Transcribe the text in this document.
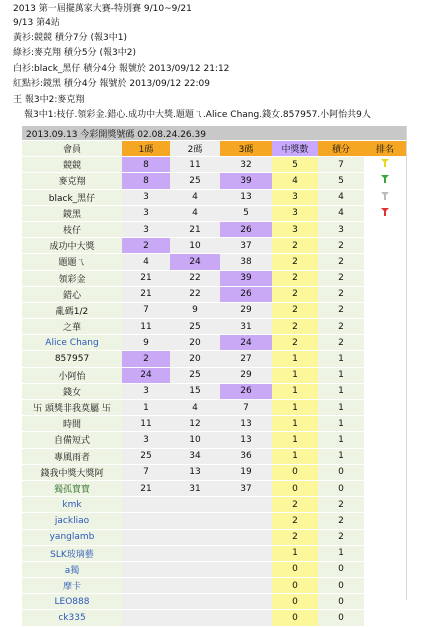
2013 第一屆擺萬家大賽-特別賽 9/10~9/21
9/13 第4站
黃衫:競競 積分7分 (報3中1)
綠衫:麥克翔 積分5分 (報3中2)
白衫:black_黑仔 積分4分 報號於 2013/09/12 21:12
紅點衫:鏡黑 積分4分 報號於 2013/09/12 22:09
王 報3中2:麥克翔
報3中1:枝仔.領彩金.錯心.成功中大獎.題題ㄟ.Alice Chang.錢女.857957.小阿怡共9人
2013.09.13 今彩開獎號碼 02.08.24.26.39						
會員	1碼	2碼	3碼	中獎數	積分	排名
競競	8	11	32	5	7	
麥克翔	8	25	39	4	5	
black_黑仔	3	4	13	3	4	
鏡黑	3	4	5	3	4	
枝仔	3	21	26	3	3	
成功中大獎	2	10	37	2	2	
題題ㄟ	4	24	38	2	2	
領彩金	21	22	39	2	2	
錯心	21	22	26	2	2	
亂碼1/2	7	9	29	2	2	
之華	11	25	31	2	2	
Alice Chang	9	20	24	2	2	
857957	2	20	27	1	1	
小阿怡	24	25	29	1	1	
錢女	3	15	26	1	1	
卐 頭獎非我莫屬 卐	1	4	7	1	1	
時間	11	12	13	1	1	
自備短式	3	10	13	1	1	
專風雨者	25	34	36	1	1	
錢我中獎大獎阿	7	13	19	0	0	
獨孤寶寶	21	31	37	0	0	
kmk				2	2	
jackliao				2	2	
yanglamb				2	2	
SLK玻璃藝				1	1	
a獨				0	0	
摩卡				0	0	
LEO888				0	0	
ck335				0	0	
